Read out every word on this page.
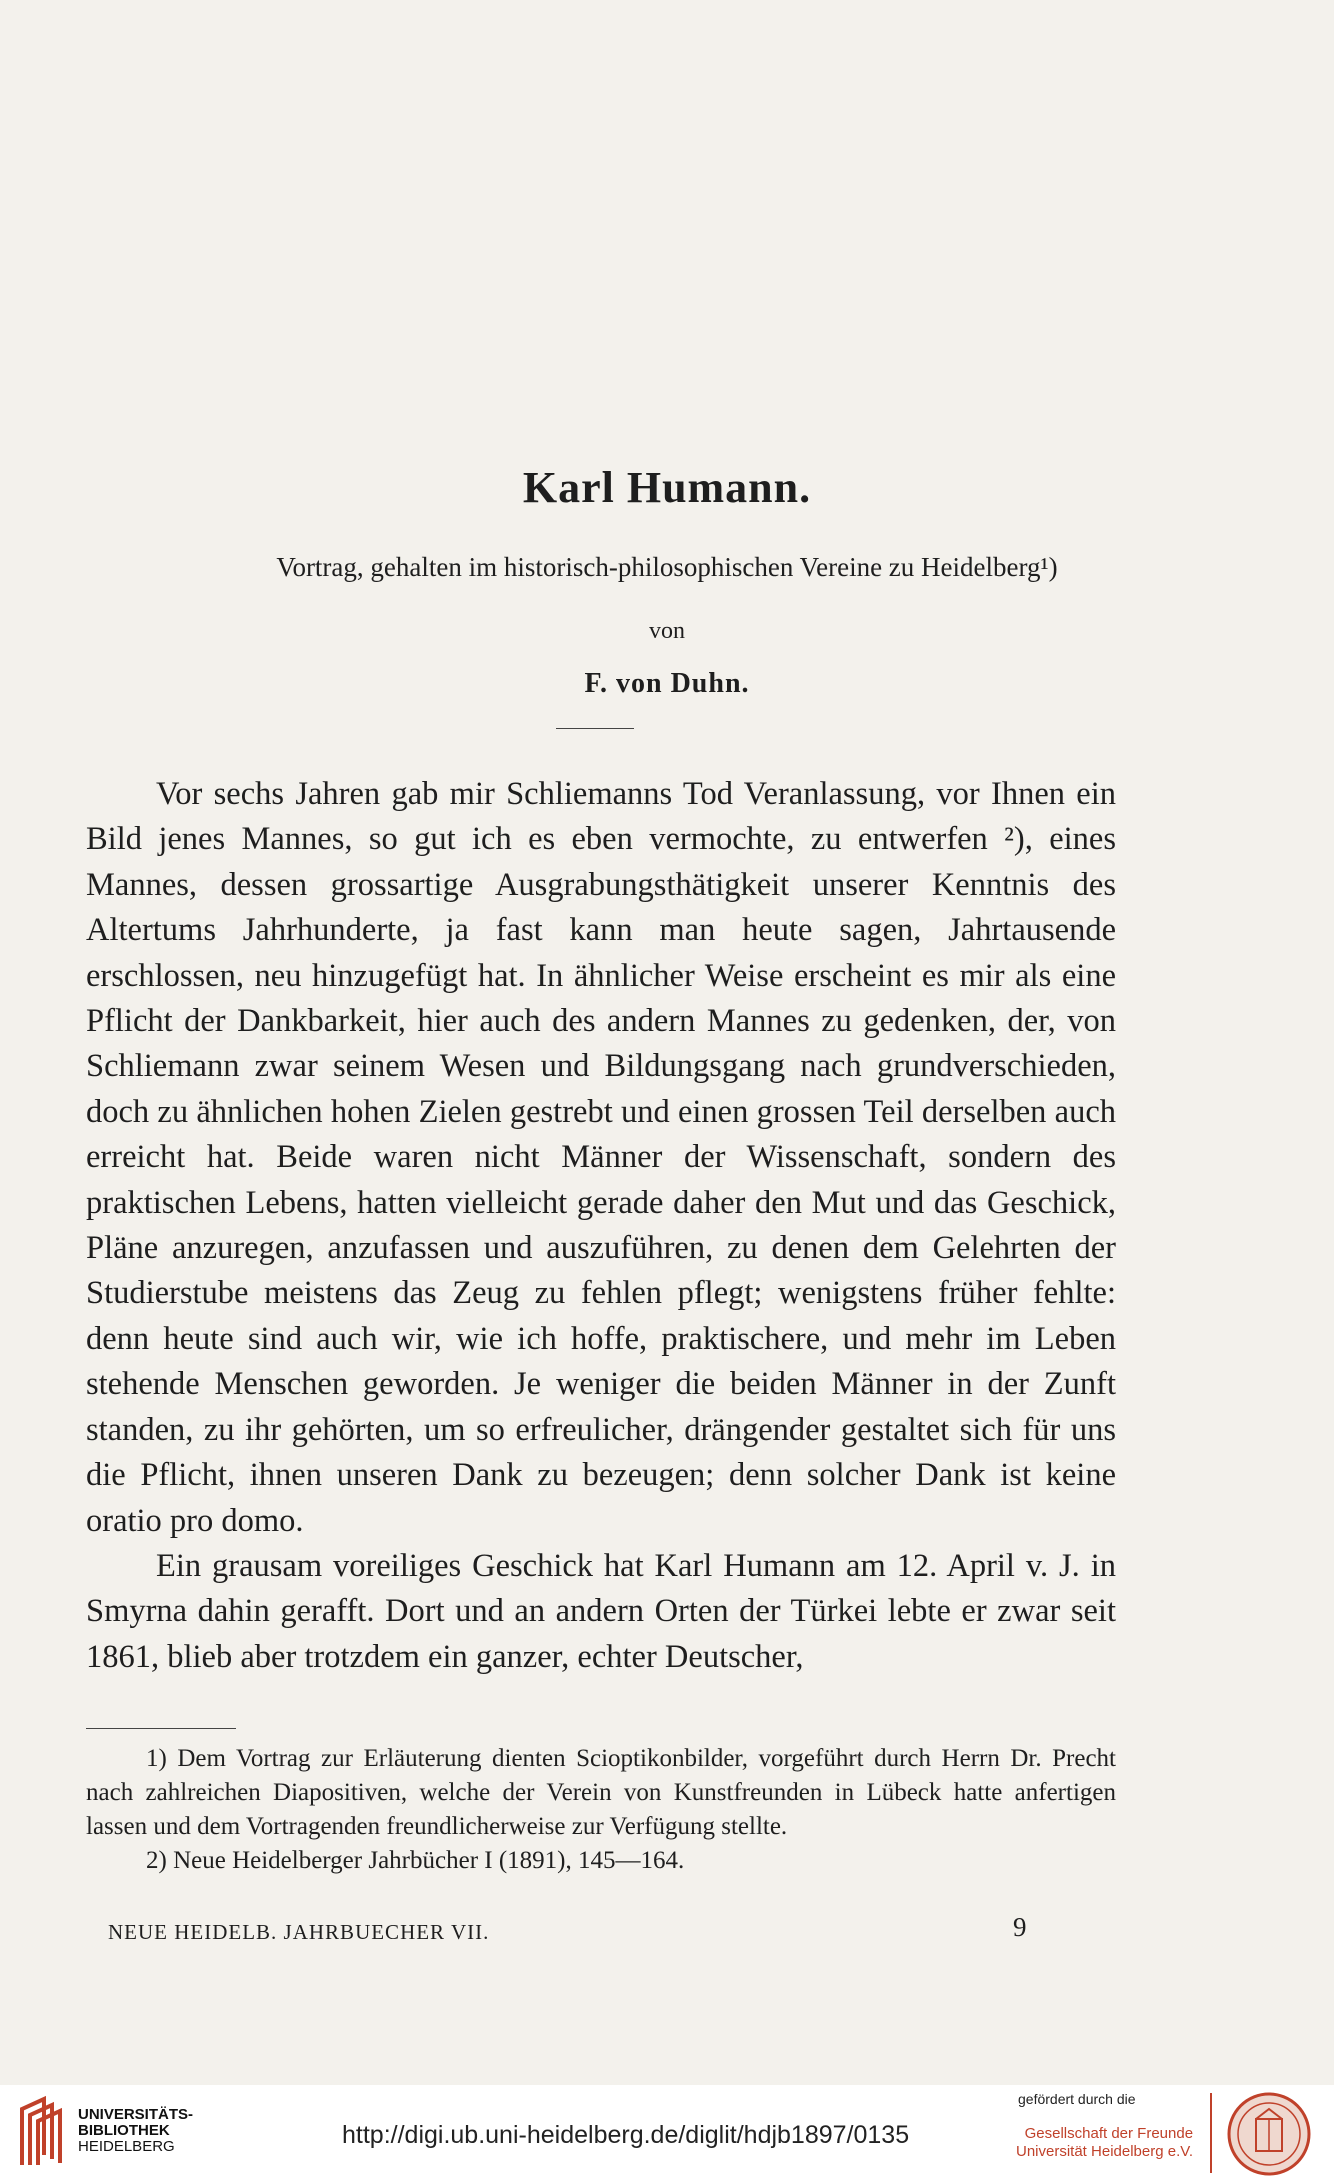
Karl Humann.
Vortrag, gehalten im historisch-philosophischen Vereine zu Heidelberg¹)
von
F. von Duhn.

Vor sechs Jahren gab mir Schliemanns Tod Veranlassung, vor Ihnen ein Bild jenes Mannes, so gut ich es eben vermochte, zu entwerfen ²), eines Mannes, dessen grossartige Ausgrabungsthätigkeit unserer Kenntnis des Altertums Jahrhunderte, ja fast kann man heute sagen, Jahrtausende erschlossen, neu hinzugefügt hat. In ähnlicher Weise erscheint es mir als eine Pflicht der Dankbarkeit, hier auch des andern Mannes zu gedenken, der, von Schliemann zwar seinem Wesen und Bildungsgang nach grundverschieden, doch zu ähnlichen hohen Zielen gestrebt und einen grossen Teil derselben auch erreicht hat. Beide waren nicht Männer der Wissenschaft, sondern des praktischen Lebens, hatten vielleicht gerade daher den Mut und das Geschick, Pläne anzuregen, anzufassen und auszuführen, zu denen dem Gelehrten der Studierstube meistens das Zeug zu fehlen pflegt; wenigstens früher fehlte: denn heute sind auch wir, wie ich hoffe, praktischere, und mehr im Leben stehende Menschen geworden. Je weniger die beiden Männer in der Zunft standen, zu ihr gehörten, um so erfreulicher, drängender gestaltet sich für uns die Pflicht, ihnen unseren Dank zu bezeugen; denn solcher Dank ist keine oratio pro domo.

Ein grausam voreiliges Geschick hat Karl Humann am 12. April v. J. in Smyrna dahin gerafft. Dort und an andern Orten der Türkei lebte er zwar seit 1861, blieb aber trotzdem ein ganzer, echter Deutscher,

1) Dem Vortrag zur Erläuterung dienten Scioptikonbilder, vorgeführt durch Herrn Dr. Precht nach zahlreichen Diapositiven, welche der Verein von Kunstfreunden in Lübeck hatte anfertigen lassen und dem Vortragenden freundlicherweise zur Verfügung stellte.

2) Neue Heidelberger Jahrbücher I (1891), 145—164.

NEUE HEIDELB. JAHRBUECHER VII.	9
UNIVERSITÄTS-
BIBLIOTHEK
HEIDELBERG	http://digi.ub.uni-heidelberg.de/diglit/hdjb1897/0135
gefördert durch die
Gesellschaft der Freunde
Universität Heidelberg e.V.
